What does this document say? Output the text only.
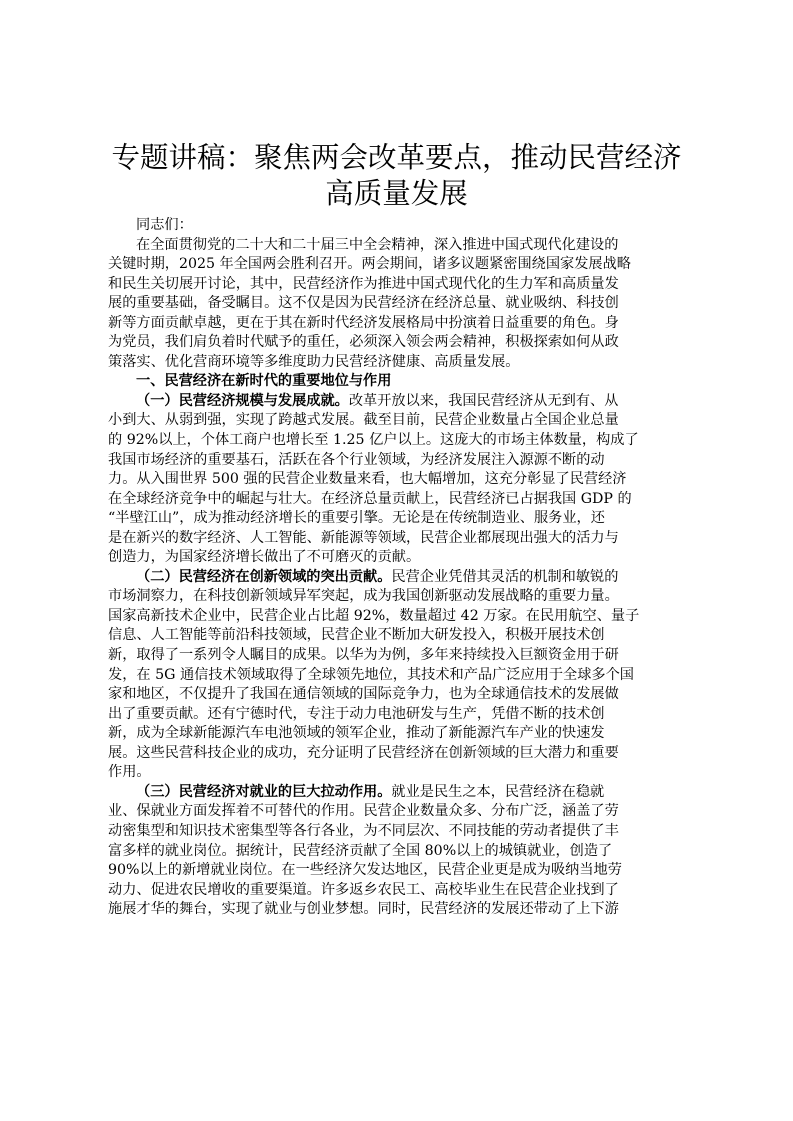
专题讲稿：聚焦两会改革要点，推动民营经济
高质量发展

同志们：

在全面贯彻党的二十大和二十届三中全会精神，深入推进中国式现代化建设的
关键时期，2025 年全国两会胜利召开。两会期间，诸多议题紧密围绕国家发展战略
和民生关切展开讨论，其中，民营经济作为推进中国式现代化的生力军和高质量发
展的重要基础，备受瞩目。这不仅是因为民营经济在经济总量、就业吸纳、科技创
新等方面贡献卓越，更在于其在新时代经济发展格局中扮演着日益重要的角色。身
为党员，我们肩负着时代赋予的重任，必须深入领会两会精神，积极探索如何从政
策落实、优化营商环境等多维度助力民营经济健康、高质量发展。

一、民营经济在新时代的重要地位与作用

（一）民营经济规模与发展成就。改革开放以来，我国民营经济从无到有、从
小到大、从弱到强，实现了跨越式发展。截至目前，民营企业数量占全国企业总量
的 92%以上，个体工商户也增长至 1.25 亿户以上。这庞大的市场主体数量，构成了
我国市场经济的重要基石，活跃在各个行业领域，为经济发展注入源源不断的动
力。从入围世界 500 强的民营企业数量来看，也大幅增加，这充分彰显了民营经济
在全球经济竞争中的崛起与壮大。在经济总量贡献上，民营经济已占据我国 GDP 的
“半壁江山”，成为推动经济增长的重要引擎。无论是在传统制造业、服务业，还
是在新兴的数字经济、人工智能、新能源等领域，民营企业都展现出强大的活力与
创造力，为国家经济增长做出了不可磨灭的贡献。

（二）民营经济在创新领域的突出贡献。民营企业凭借其灵活的机制和敏锐的
市场洞察力，在科技创新领域异军突起，成为我国创新驱动发展战略的重要力量。
国家高新技术企业中，民营企业占比超 92%，数量超过 42 万家。在民用航空、量子
信息、人工智能等前沿科技领域，民营企业不断加大研发投入，积极开展技术创
新，取得了一系列令人瞩目的成果。以华为为例，多年来持续投入巨额资金用于研
发，在 5G 通信技术领域取得了全球领先地位，其技术和产品广泛应用于全球多个国
家和地区，不仅提升了我国在通信领域的国际竞争力，也为全球通信技术的发展做
出了重要贡献。还有宁德时代，专注于动力电池研发与生产，凭借不断的技术创
新，成为全球新能源汽车电池领域的领军企业，推动了新能源汽车产业的快速发
展。这些民营科技企业的成功，充分证明了民营经济在创新领域的巨大潜力和重要
作用。

（三）民营经济对就业的巨大拉动作用。就业是民生之本，民营经济在稳就
业、保就业方面发挥着不可替代的作用。民营企业数量众多、分布广泛，涵盖了劳
动密集型和知识技术密集型等各行各业，为不同层次、不同技能的劳动者提供了丰
富多样的就业岗位。据统计，民营经济贡献了全国 80%以上的城镇就业，创造了
90%以上的新增就业岗位。在一些经济欠发达地区，民营企业更是成为吸纳当地劳
动力、促进农民增收的重要渠道。许多返乡农民工、高校毕业生在民营企业找到了
施展才华的舞台，实现了就业与创业梦想。同时，民营经济的发展还带动了上下游
